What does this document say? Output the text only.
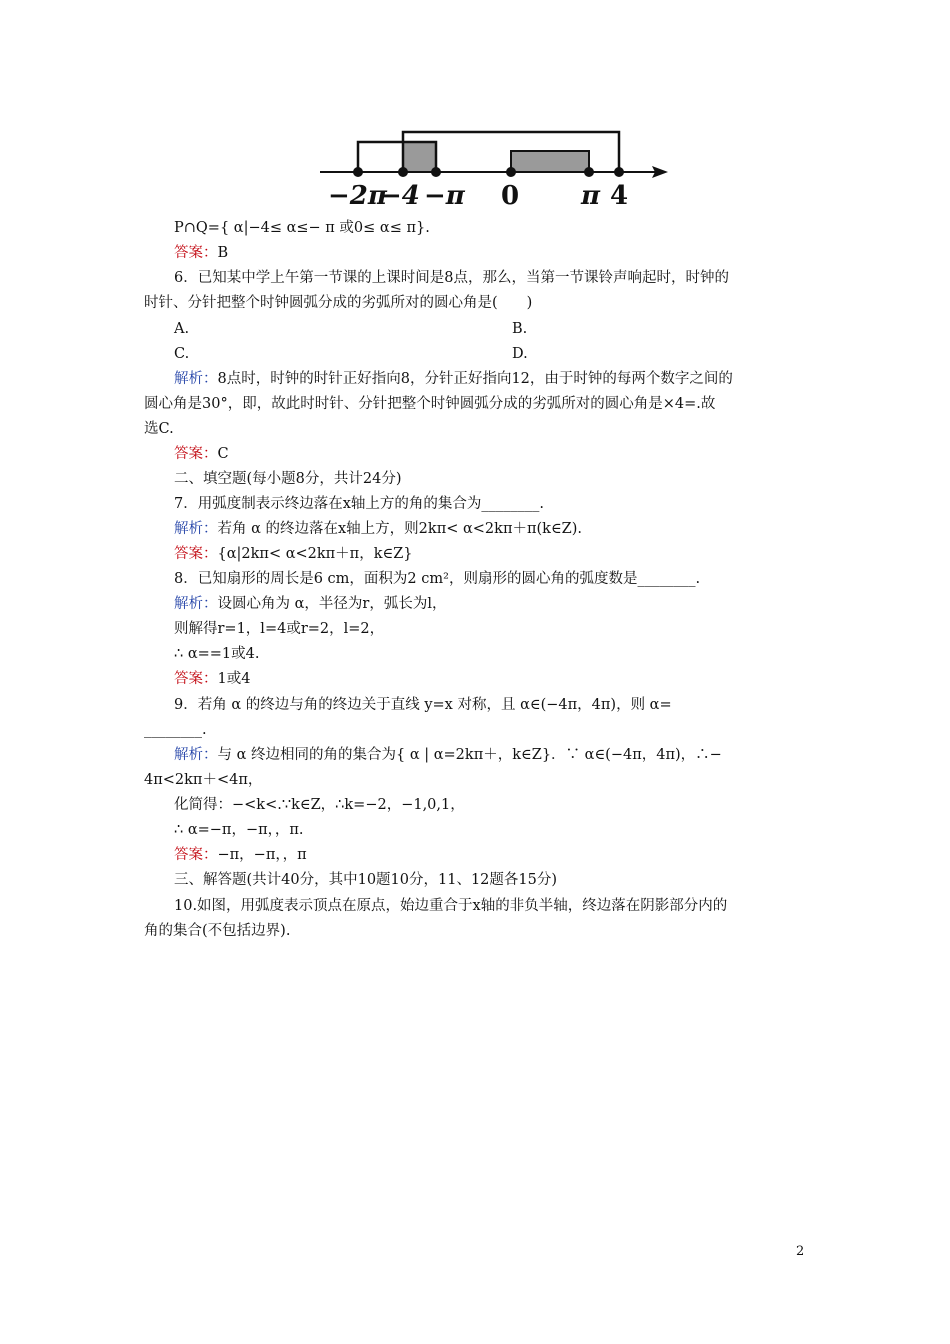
−2π
−4 −π 0 π 4
P∩Q={ α|−4≤ α≤− π 或0≤ α≤ π}.
答案：B
6．已知某中学上午第一节课的上课时间是8点，那么，当第一节课铃声响起时，时钟的
时针、分针把整个时钟圆弧分成的劣弧所对的圆心角是(　　)
A.	B.
C.	D.
解析：8点时，时钟的时针正好指向8，分针正好指向12，由于时钟的每两个数字之间的
圆心角是30°，即，故此时时针、分针把整个时钟圆弧分成的劣弧所对的圆心角是×4=.故
选C.
答案：C
二、填空题(每小题8分，共计24分)
7．用弧度制表示终边落在x轴上方的角的集合为________.
解析：若角 α 的终边落在x轴上方，则2kπ< α<2kπ＋π(k∈Z).
答案：{α|2kπ< α<2kπ＋π，k∈Z}
8．已知扇形的周长是6 cm，面积为2 cm²，则扇形的圆心角的弧度数是________.
解析：设圆心角为 α，半径为r，弧长为l，
则解得r=1，l=4或r=2，l=2，
∴ α==1或4.
答案：1或4
9．若角 α 的终边与角的终边关于直线 y=x 对称，且 α∈(−4π，4π)，则 α=
________.
解析：与 α 终边相同的角的集合为{ α | α=2kπ＋，k∈Z}．∵ α∈(−4π，4π)，∴−
4π<2kπ＋<4π，
化简得：−<k<.∵k∈Z，∴k=−2，−1,0,1，
∴ α=−π，−π，，π.
答案：−π，−π，，π
三、解答题(共计40分，其中10题10分，11、12题各15分)
10.如图，用弧度表示顶点在原点，始边重合于x轴的非负半轴，终边落在阴影部分内的
角的集合(不包括边界).
2
